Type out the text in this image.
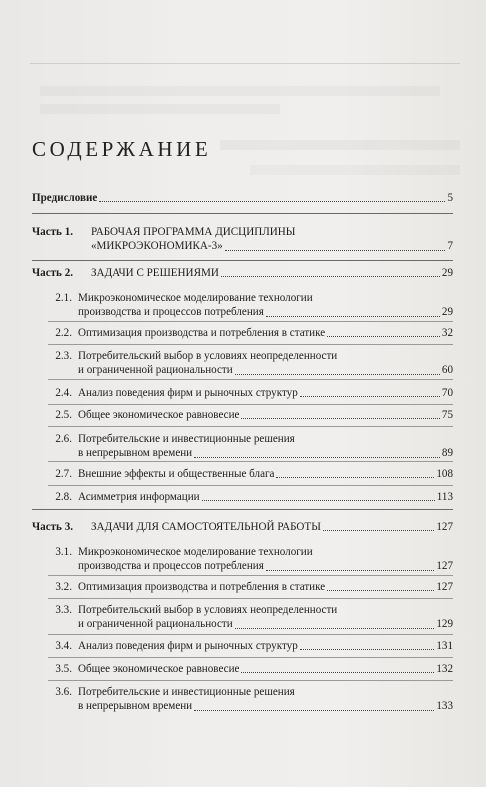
СОДЕРЖАНИЕ
Предисловие	5
Часть 1. РАБОЧАЯ ПРОГРАММА ДИСЦИПЛИНЫ
«МИКРОЭКОНОМИКА-3»	7
Часть 2. ЗАДАЧИ С РЕШЕНИЯМИ	29
2.1. Микроэкономическое моделирование технологии
производства и процессов потребления	29
2.2. Оптимизация производства и потребления в статике	32
2.3. Потребительский выбор в условиях неопределенности
и ограниченной рациональности	60
2.4. Анализ поведения фирм и рыночных структур	70
2.5. Общее экономическое равновесие	75
2.6. Потребительские и инвестиционные решения
в непрерывном времени	89
2.7. Внешние эффекты и общественные блага	108
2.8. Асимметрия информации	113
Часть 3. ЗАДАЧИ ДЛЯ САМОСТОЯТЕЛЬНОЙ РАБОТЫ	127
3.1. Микроэкономическое моделирование технологии
производства и процессов потребления	127
3.2. Оптимизация производства и потребления в статике	127
3.3. Потребительский выбор в условиях неопределенности
и ограниченной рациональности	129
3.4. Анализ поведения фирм и рыночных структур	131
3.5. Общее экономическое равновесие	132
3.6. Потребительские и инвестиционные решения
в непрерывном времени	133
